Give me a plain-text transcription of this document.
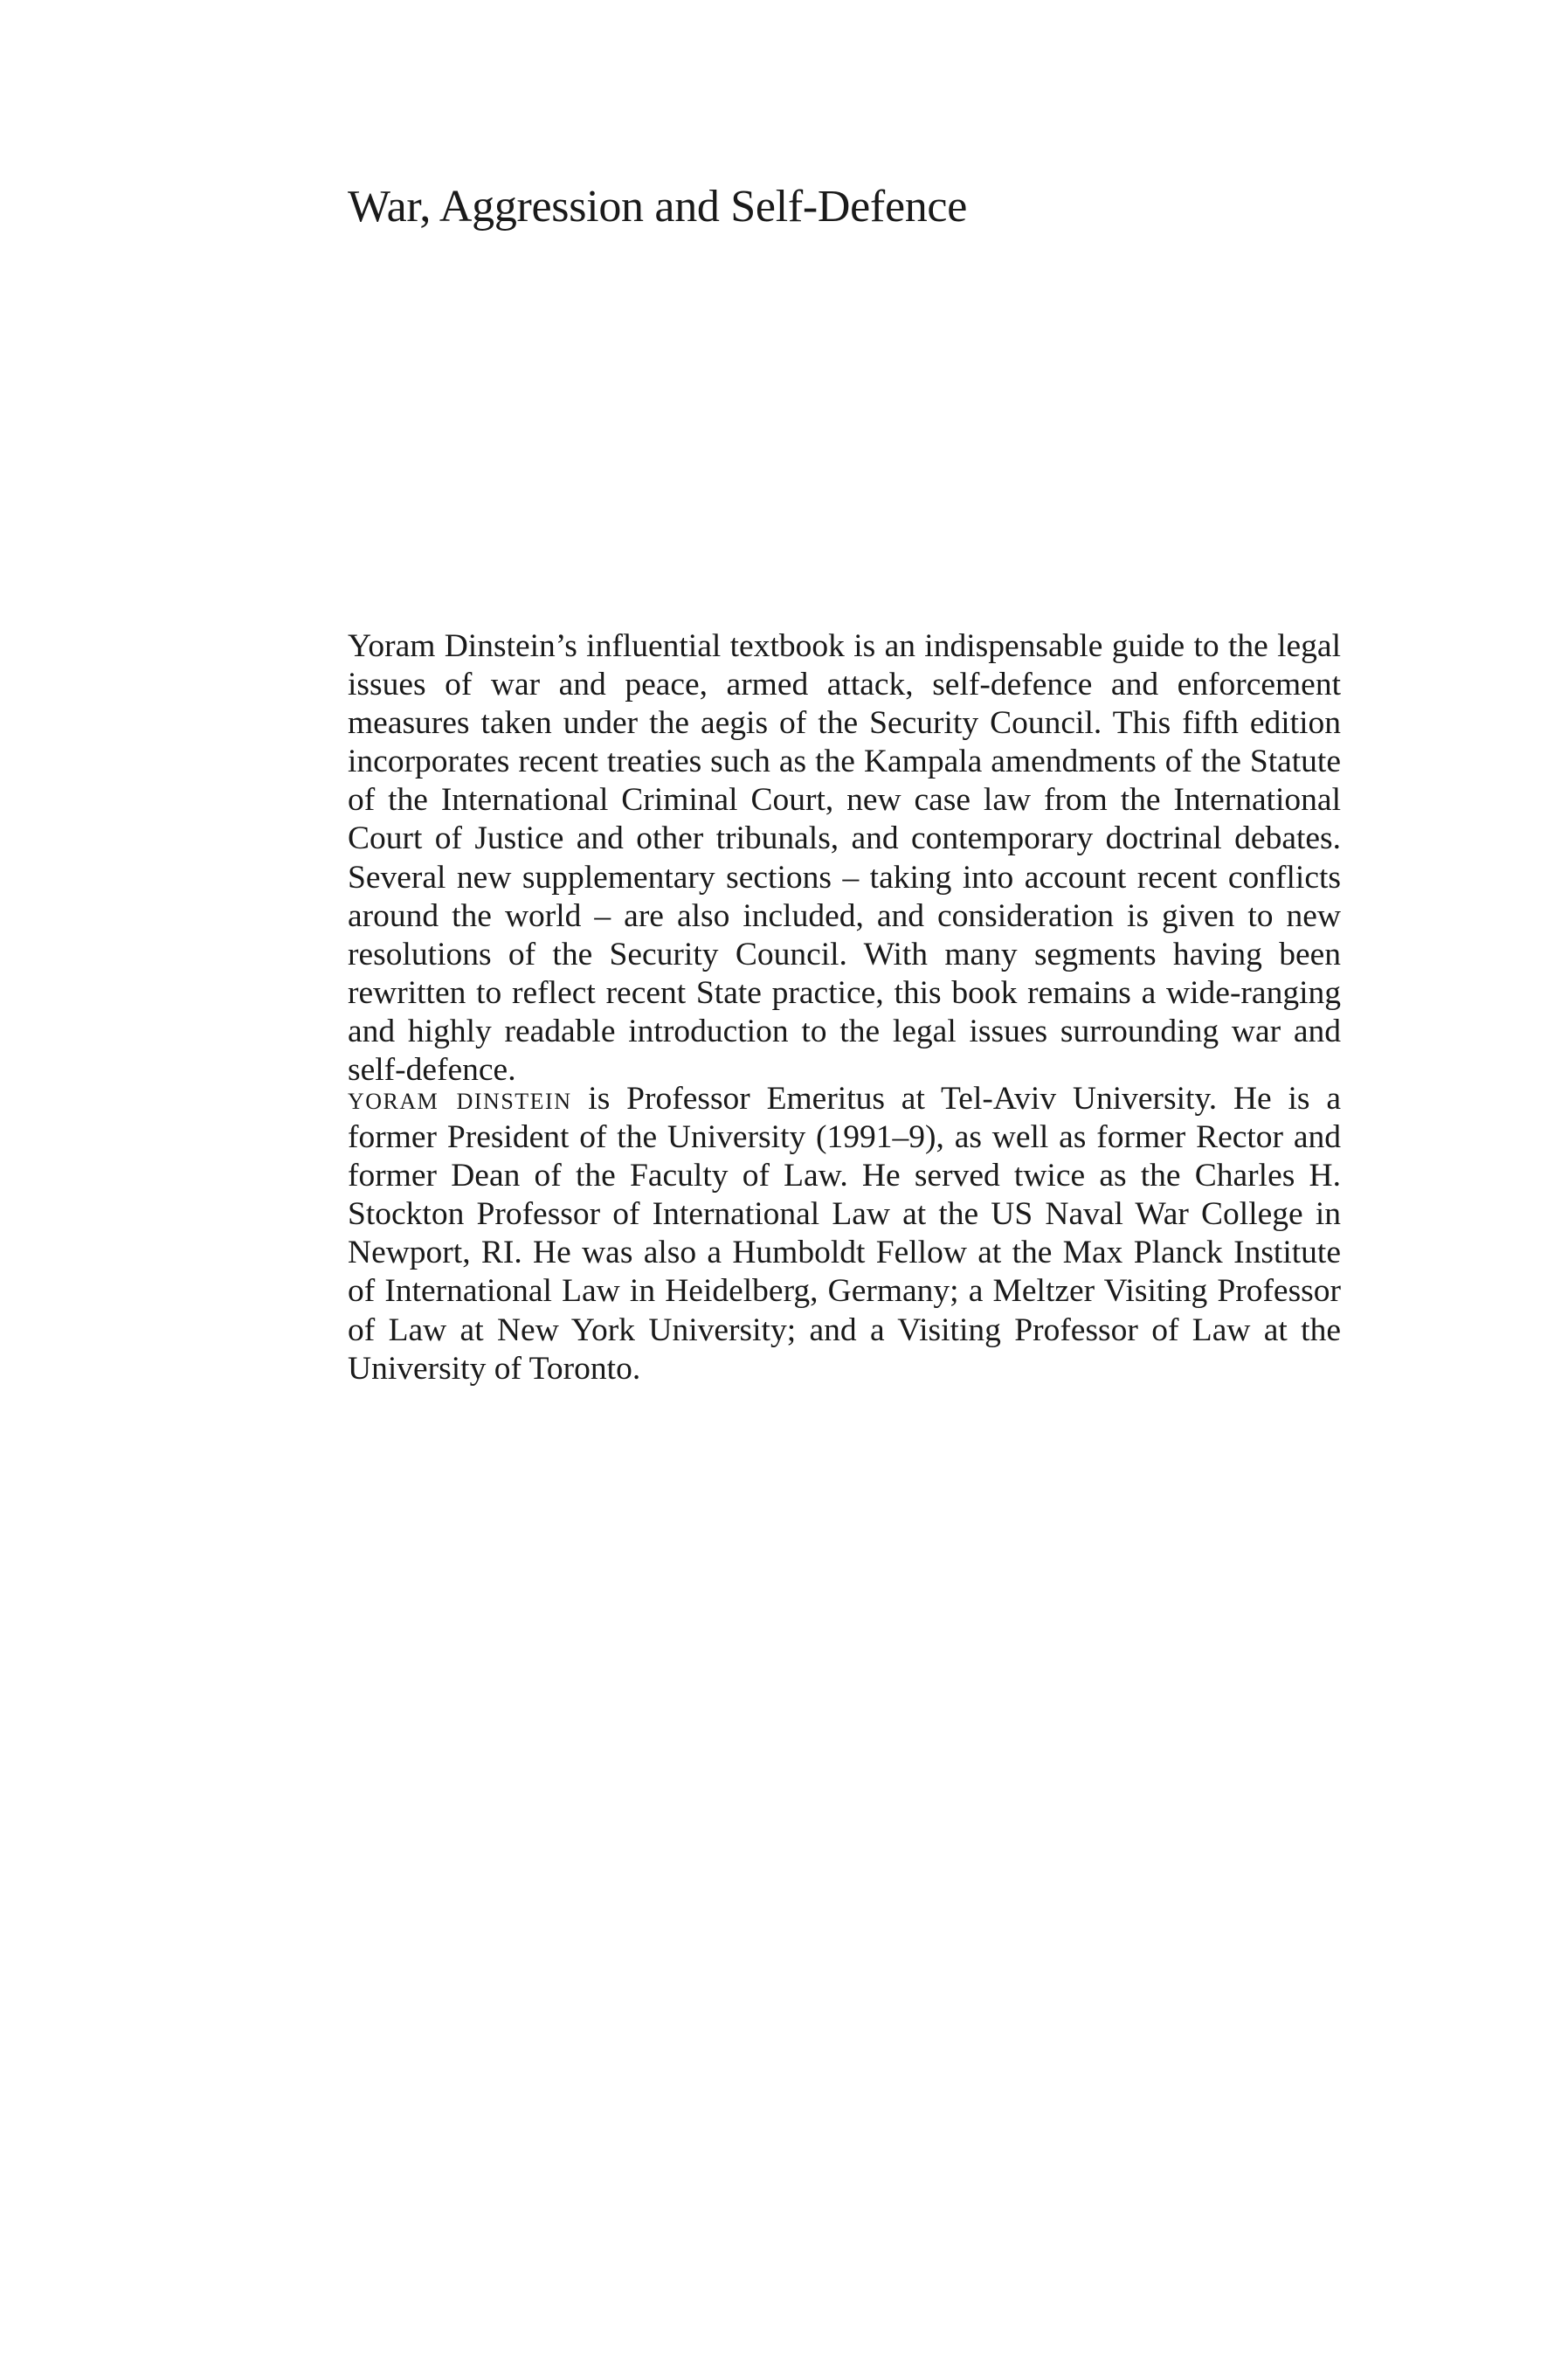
War, Aggression and Self-Defence

Yoram Dinstein’s influential textbook is an indispensable guide to the legal issues of war and peace, armed attack, self-defence and enforcement measures taken under the aegis of the Security Council. This fifth edition incorporates recent treaties such as the Kampala amendments of the Statute of the International Criminal Court, new case law from the International Court of Justice and other tribunals, and contemporary doctrinal debates. Several new supplementary sections – taking into account recent conflicts around the world – are also included, and consideration is given to new resolutions of the Security Council. With many segments having been rewritten to reflect recent State practice, this book remains a wide-ranging and highly readable introduction to the legal issues surrounding war and self-defence.

yoram dinstein is Professor Emeritus at Tel-Aviv University. He is a former President of the University (1991–9), as well as former Rector and former Dean of the Faculty of Law. He served twice as the Charles H. Stockton Professor of International Law at the US Naval War College in Newport, RI. He was also a Humboldt Fellow at the Max Planck Institute of International Law in Heidelberg, Germany; a Meltzer Visiting Professor of Law at New York University; and a Visiting Professor of Law at the University of Toronto.
